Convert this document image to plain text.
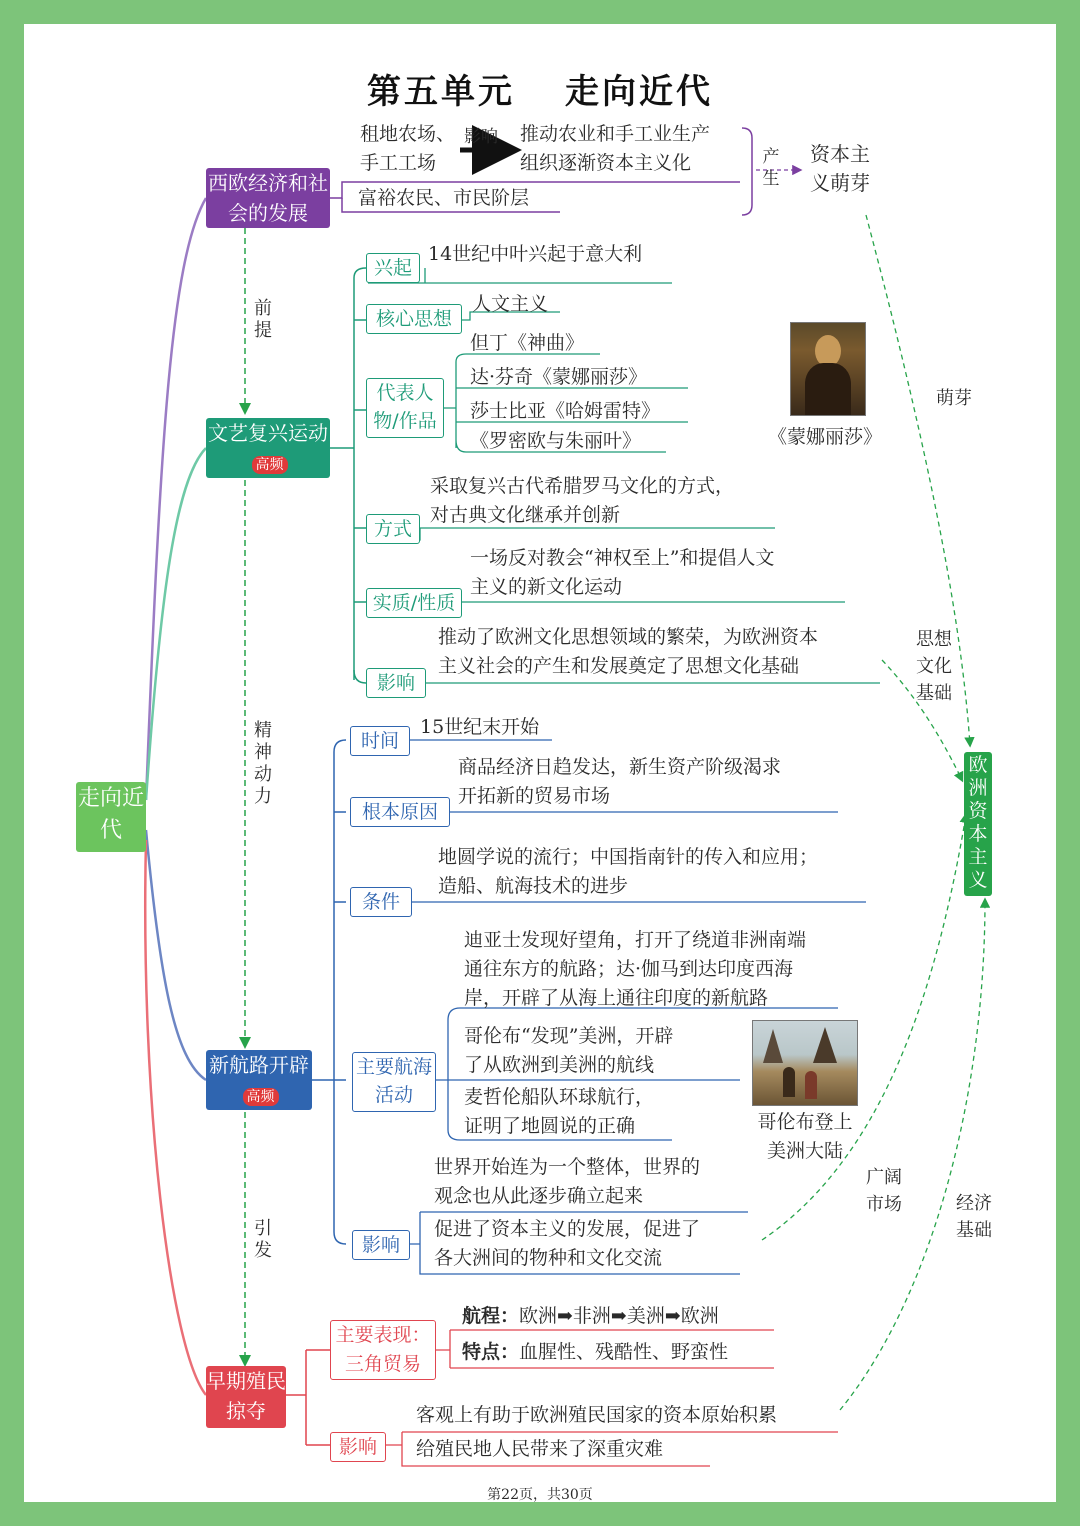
第五单元 走向近代
走向近代
欧洲资本主义
西欧经济和社会的发展
租地农场、
手工工场
影响 推动农业和手工业生产
组织逐渐资本主义化
富裕农民、市民阶层
产生
资本主义萌芽
前提
精神动力
引发
萌芽
思想文化基础
广阔市场	经济基础
文艺复兴运动高频
兴起
14世纪中叶兴起于意大利
核心思想
人文主义
代表人物/作品
但丁《神曲》
达·芬奇《蒙娜丽莎》
莎士比亚《哈姆雷特》
《罗密欧与朱丽叶》	《蒙娜丽莎》
方式
采取复兴古代希腊罗马文化的方式，
对古典文化继承并创新
实质/性质
一场反对教会“神权至上”和提倡人文
主义的新文化运动
影响
推动了欧洲文化思想领域的繁荣，为欧洲资本
主义社会的产生和发展奠定了思想文化基础
新航路开辟高频
时间
15世纪末开始
根本原因
商品经济日趋发达，新生资产阶级渴求
开拓新的贸易市场
条件
地圆学说的流行；中国指南针的传入和应用；
造船、航海技术的进步
主要航海活动
迪亚士发现好望角，打开了绕道非洲南端
通往东方的航路；达·伽马到达印度西海
岸，开辟了从海上通往印度的新航路
哥伦布“发现”美洲，开辟
了从欧洲到美洲的航线
麦哲伦船队环球航行，
证明了地圆说的正确	哥伦布登上
美洲大陆
影响
世界开始连为一个整体，世界的
观念也从此逐步确立起来
促进了资本主义的发展，促进了
各大洲间的物种和文化交流
早期殖民掠夺
主要表现：
三角贸易
航程：欧洲➡非洲➡美洲➡欧洲
特点：血腥性、残酷性、野蛮性
影响
客观上有助于欧洲殖民国家的资本原始积累
给殖民地人民带来了深重灾难
第22页，共30页
